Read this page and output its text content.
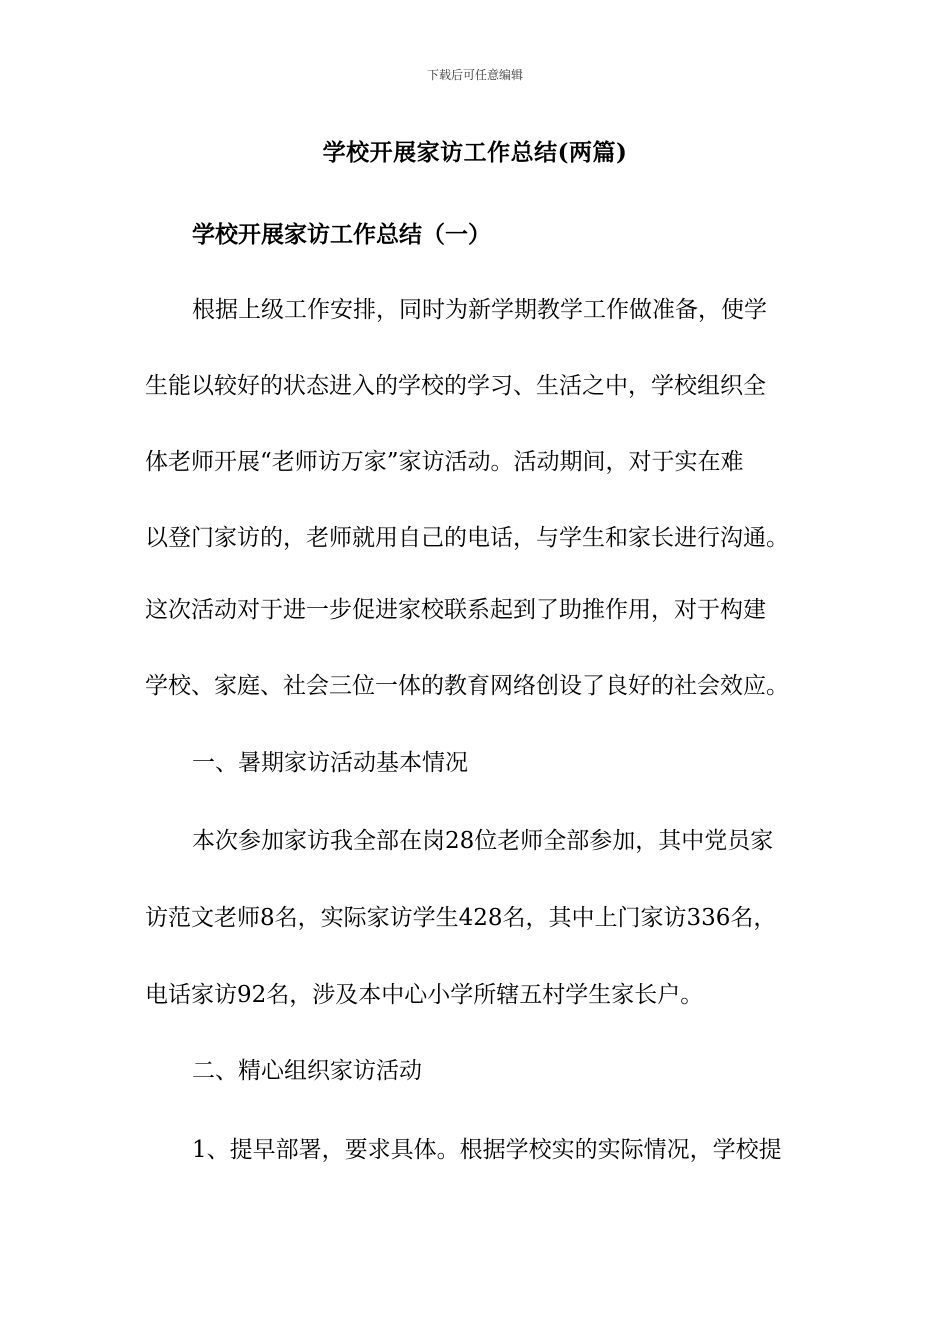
下载后可任意编辑
学校开展家访工作总结(两篇)
学校开展家访工作总结（一）
根据上级工作安排，同时为新学期教学工作做准备，使学
生能以较好的状态进入的学校的学习、生活之中，学校组织全
体老师开展“老师访万家”家访活动。活动期间，对于实在难
以登门家访的，老师就用自己的电话，与学生和家长进行沟通。
这次活动对于进一步促进家校联系起到了助推作用，对于构建
学校、家庭、社会三位一体的教育网络创设了良好的社会效应。
一、暑期家访活动基本情况
本次参加家访我全部在岗28位老师全部参加，其中党员家
访范文老师8名，实际家访学生428名，其中上门家访336名，
电话家访92名，涉及本中心小学所辖五村学生家长户。
二、精心组织家访活动
1、提早部署，要求具体。根据学校实的实际情况，学校提
